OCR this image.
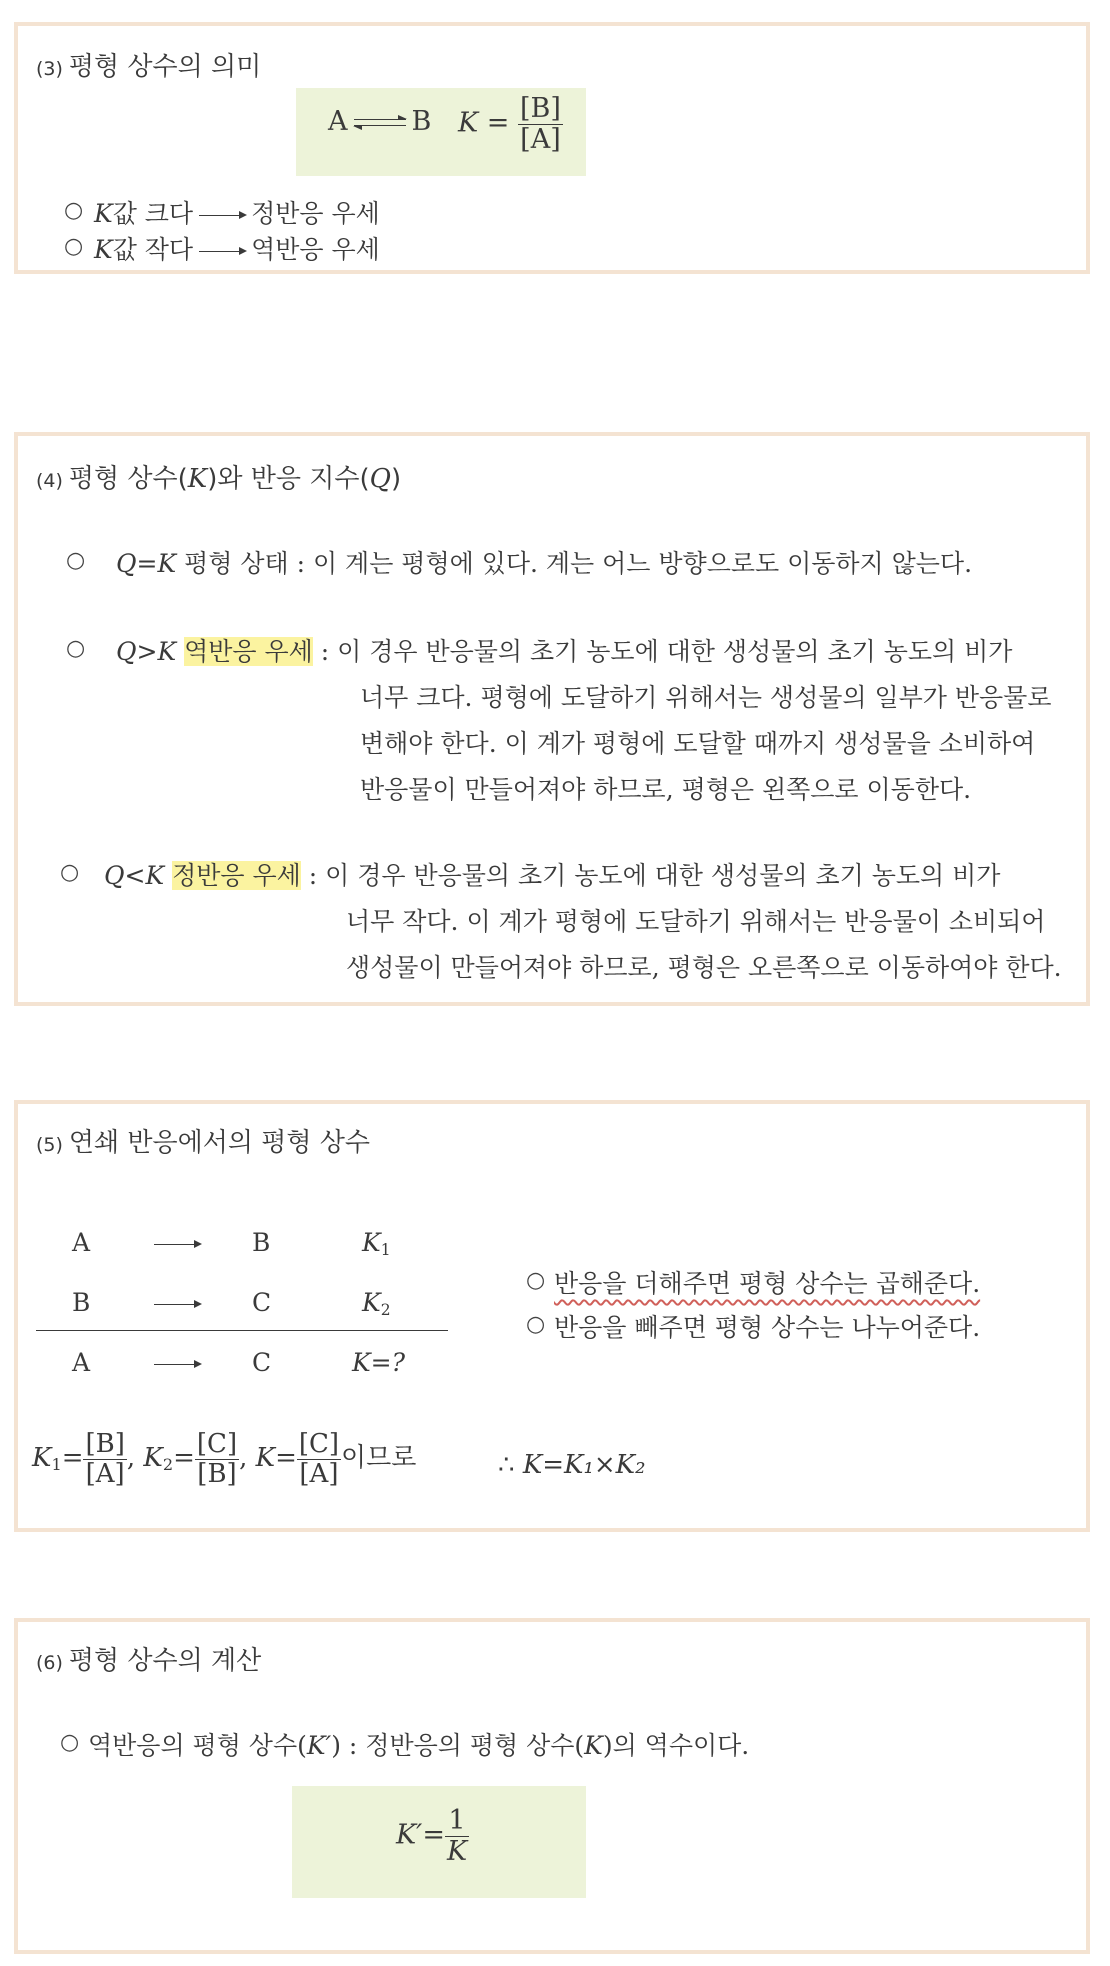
(3) 평형 상수의 의미
A B $K = \frac{[B]}{[A]}$
○ K값 크다 정반응 우세
○ K값 작다 역반응 우세
(4) 평형 상수(K)와 반응 지수(Q)
○ Q=K 평형 상태 : 이 계는 평형에 있다. 계는 어느 방향으로도 이동하지 않는다.
○ Q>K 역반응 우세 : 이 경우 반응물의 초기 농도에 대한 생성물의 초기 농도의 비가
너무 크다. 평형에 도달하기 위해서는 생성물의 일부가 반응물로
변해야 한다. 이 계가 평형에 도달할 때까지 생성물을 소비하여
반응물이 만들어져야 하므로, 평형은 왼쪽으로 이동한다.
○ Q<K 정반응 우세 : 이 경우 반응물의 초기 농도에 대한 생성물의 초기 농도의 비가
너무 작다. 이 계가 평형에 도달하기 위해서는 반응물이 소비되어
생성물이 만들어져야 하므로, 평형은 오른쪽으로 이동하여야 한다.
(5) 연쇄 반응에서의 평형 상수
A	B	$K_1$
B	C	$K_2$
A	C	K=?
○ 반응을 더해주면 평형 상수는 곱해준다.
○ 반응을 빼주면 평형 상수는 나누어준다.
$K_1= \frac{[B]}{[A]}$ , $K_2= \frac{[C]}{[B]}$ , $K= \frac{[C]}{[A]}$ 이므로	∴ K=K₁×K₂
(6) 평형 상수의 계산
○ 역반응의 평형 상수(K′) : 정반응의 평형 상수(K)의 역수이다.
$K'= \frac{1}{K}$
